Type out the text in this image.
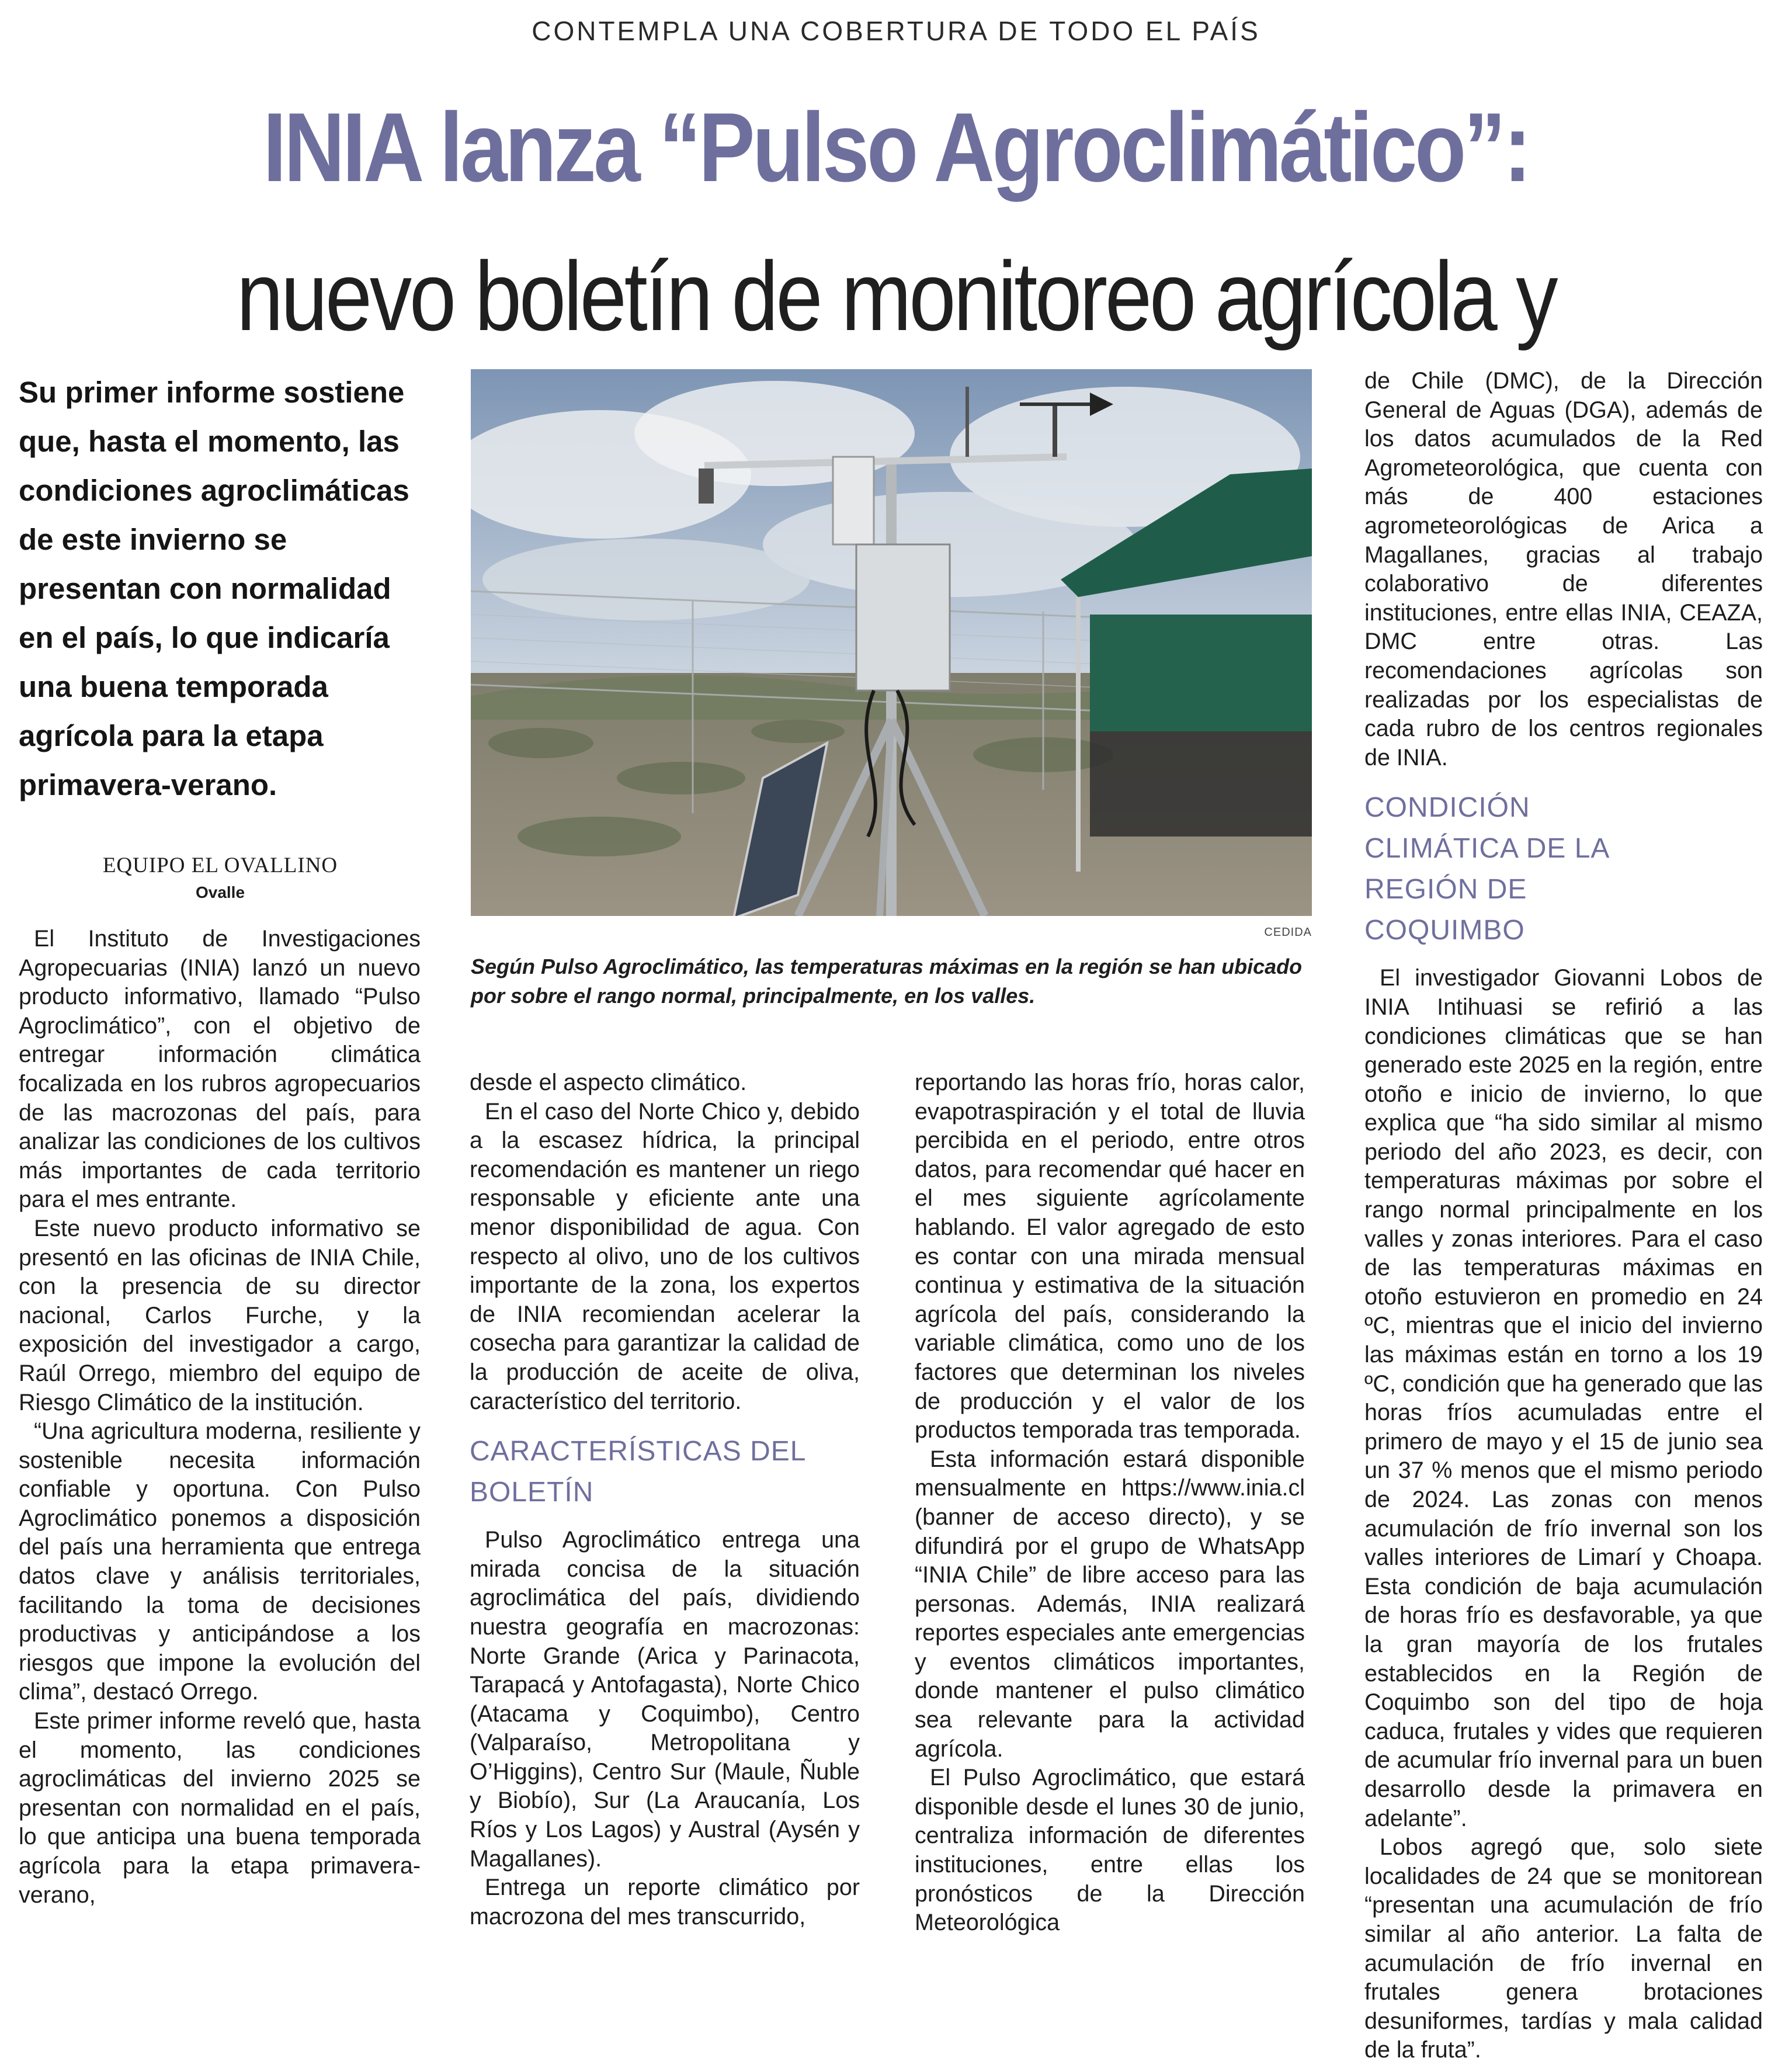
CONTEMPLA UNA COBERTURA DE TODO EL PAÍS
INIA lanza “Pulso Agroclimático”: nuevo boletín de monitoreo agrícola y
Su primer informe sostiene que, hasta el momento, las condiciones agroclimáticas de este invierno se presentan con normalidad en el país, lo que indicaría una buena temporada agrícola para la etapa primavera-verano.
EQUIPO EL OVALLINO
Ovalle
CEDIDA
Según Pulso Agroclimático, las temperaturas máximas en la región se han ubicado por sobre el rango normal, principalmente, en los valles.

El Instituto de Investigaciones Agropecuarias (INIA) lanzó un nuevo producto informativo, llamado “Pulso Agroclimático”, con el objetivo de entregar información climática focalizada en los rubros agropecuarios de las macrozonas del país, para analizar las condiciones de los cultivos más importantes de cada territorio para el mes entrante.

Este nuevo producto informativo se presentó en las oficinas de INIA Chile, con la presencia de su director nacional, Carlos Furche, y la exposición del investigador a cargo, Raúl Orrego, miembro del equipo de Riesgo Climático de la institución.

“Una agricultura moderna, resiliente y sostenible necesita información confiable y oportuna. Con Pulso Agroclimático ponemos a disposición del país una herramienta que entrega datos clave y análisis territoriales, facilitando la toma de decisiones productivas y anticipándose a los riesgos que impone la evolución del clima”, destacó Orrego.

Este primer informe reveló que, hasta el momento, las condiciones agroclimáticas del invierno 2025 se presentan con normalidad en el país, lo que anticipa una buena temporada agrícola para la etapa primavera-verano,

desde el aspecto climático.

En el caso del Norte Chico y, debido a la escasez hídrica, la principal recomendación es mantener un riego responsable y eficiente ante una menor disponibilidad de agua. Con respecto al olivo, uno de los cultivos importante de la zona, los expertos de INIA recomiendan acelerar la cosecha para garantizar la calidad de la producción de aceite de oliva, característico del territorio.

CARACTERÍSTICAS DEL BOLETÍN

Pulso Agroclimático entrega una mirada concisa de la situación agroclimática del país, dividiendo nuestra geografía en macrozonas: Norte Grande (Arica y Parinacota, Tarapacá y Antofagasta), Norte Chico (Atacama y Coquimbo), Centro (Valparaíso, Metropolitana y O’Higgins), Centro Sur (Maule, Ñuble y Biobío), Sur (La Araucanía, Los Ríos y Los Lagos) y Austral (Aysén y Magallanes).

Entrega un reporte climático por macrozona del mes transcurrido,

reportando las horas frío, horas calor, evapotraspiración y el total de lluvia percibida en el periodo, entre otros datos, para recomendar qué hacer en el mes siguiente agrícolamente hablando. El valor agregado de esto es contar con una mirada mensual continua y estimativa de la situación agrícola del país, considerando la variable climática, como uno de los factores que determinan los niveles de producción y el valor de los productos temporada tras temporada.

Esta información estará disponible mensualmente en https://www.inia.cl (banner de acceso directo), y se difundirá por el grupo de WhatsApp “INIA Chile” de libre acceso para las personas. Además, INIA realizará reportes especiales ante emergencias y eventos climáticos importantes, donde mantener el pulso climático sea relevante para la actividad agrícola.

El Pulso Agroclimático, que estará disponible desde el lunes 30 de junio, centraliza información de diferentes instituciones, entre ellas los pronósticos de la Dirección Meteorológica

de Chile (DMC), de la Dirección General de Aguas (DGA), además de los datos acumulados de la Red Agrometeorológica, que cuenta con más de 400 estaciones agrometeorológicas de Arica a Magallanes, gracias al trabajo colaborativo de diferentes instituciones, entre ellas INIA, CEAZA, DMC entre otras. Las recomendaciones agrícolas son realizadas por los especialistas de cada rubro de los centros regionales de INIA.

CONDICIÓN CLIMÁTICA DE LA REGIÓN DE COQUIMBO

El investigador Giovanni Lobos de INIA Intihuasi se refirió a las condiciones climáticas que se han generado este 2025 en la región, entre otoño e inicio de invierno, lo que explica que “ha sido similar al mismo periodo del año 2023, es decir, con temperaturas máximas por sobre el rango normal principalmente en los valles y zonas interiores. Para el caso de las temperaturas máximas en otoño estuvieron en promedio en 24 ºC, mientras que el inicio del invierno las máximas están en torno a los 19 ºC, condición que ha generado que las horas fríos acumuladas entre el primero de mayo y el 15 de junio sea un 37 % menos que el mismo periodo de 2024. Las zonas con menos acumulación de frío invernal son los valles interiores de Limarí y Choapa. Esta condición de baja acumulación de horas frío es desfavorable, ya que la gran mayoría de los frutales establecidos en la Región de Coquimbo son del tipo de hoja caduca, frutales y vides que requieren de acumular frío invernal para un buen desarrollo desde la primavera en adelante”.

Lobos agregó que, solo siete localidades de 24 que se monitorean “presentan una acumulación de frío similar al año anterior. La falta de acumulación de frío invernal en frutales genera brotaciones desuniformes, tardías y mala calidad de la fruta”.
